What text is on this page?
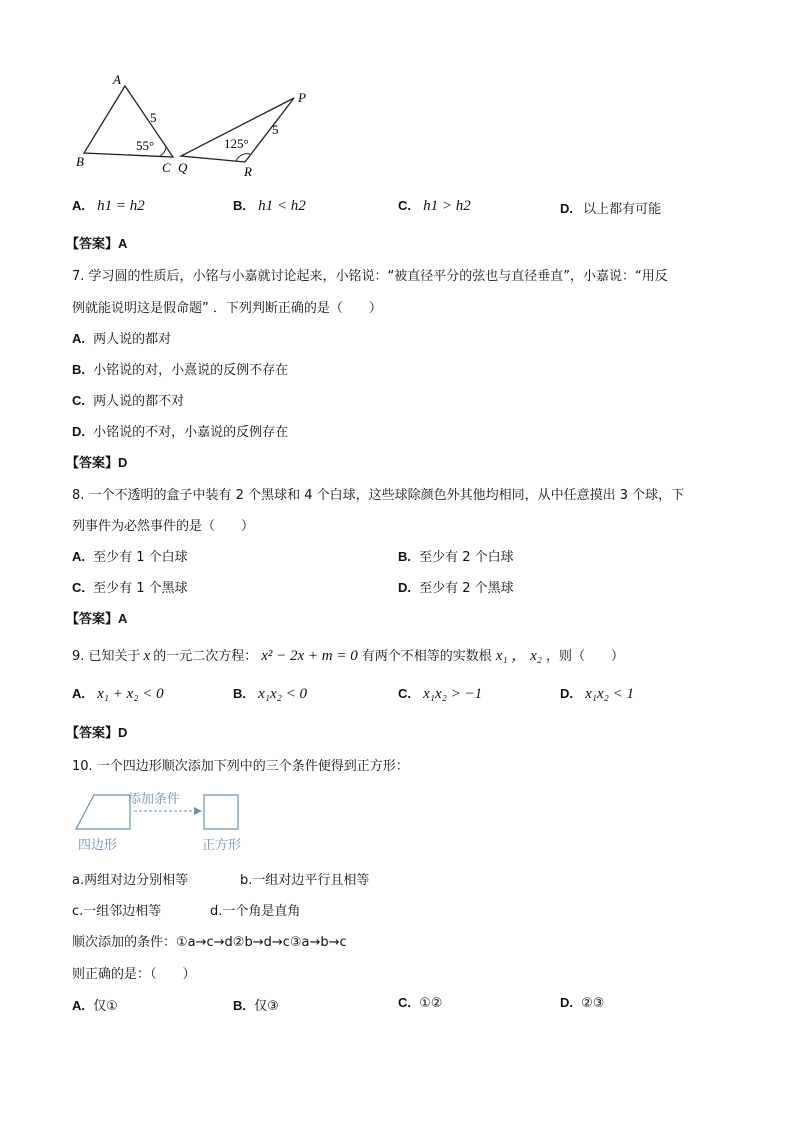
A
B	C
5
55°
P
Q	R
5
125°
A. h1 = h2	B. h1 < h2	C. h1 > h2	D. 以上都有可能
【答案】A
7. 学习圆的性质后，小铭与小嘉就讨论起来，小铭说：“被直径平分的弦也与直径垂直”，小嘉说：“用反
例就能说明这是假命题” ．下列判断正确的是（　　）
A. 两人说的都对
B. 小铭说的对，小熹说的反例不存在
C. 两人说的都不对
D. 小铭说的不对，小嘉说的反例存在
【答案】D
8. 一个不透明的盒子中装有 2 个黑球和 4 个白球，这些球除颜色外其他均相同，从中任意摸出 3 个球，下
列事件为必然事件的是（　　）
A. 至少有 1 个白球	B. 至少有 2 个白球
C. 至少有 1 个黑球	D. 至少有 2 个黑球
【答案】A
9. 已知关于 x 的一元二次方程： x² − 2x + m = 0 有两个不相等的实数根 x₁ ， x₂ ，则（　　）
A. x₁ + x₂ < 0	B. x₁x₂ < 0	C. x₁x₂ > −1	D. x₁x₂ < 1
【答案】D
10. 一个四边形顺次添加下列中的三个条件便得到正方形：
添加条件
四边形	正方形
a.两组对边分别相等	b.一组对边平行且相等
c.一组邻边相等	d.一个角是直角
顺次添加的条件：①a→c→d②b→d→c③a→b→c
则正确的是：（　　）
A. 仅①	B. 仅③	C. ①②	D. ②③
